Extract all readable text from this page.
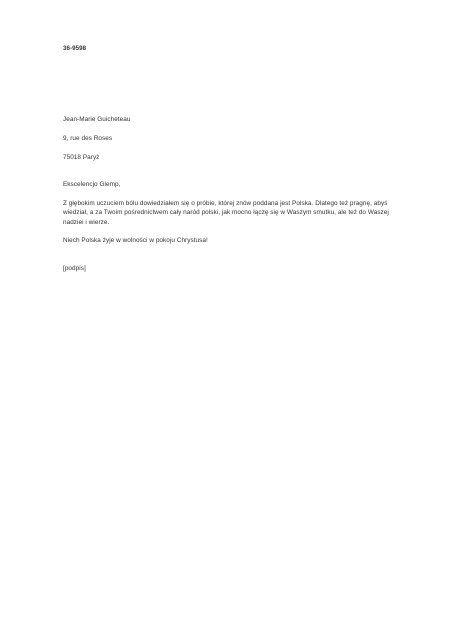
36-9598

Jean-Marie Guicheteau

9, rue des Roses

75018 Paryż

Ekscelencjo Glemp,

Z głębokim uczuciem bólu dowiedziałem się o próbie, której znów poddana jest Polska. Dlatego też pragnę, abyś wiedział, a za Twoim pośrednictwem cały naród polski, jak mocno łączę się w Waszym smutku, ale też do Waszej nadziei i wierze.

Niech Polska żyje w wolności w pokoju Chrystusa!

[podpis]
